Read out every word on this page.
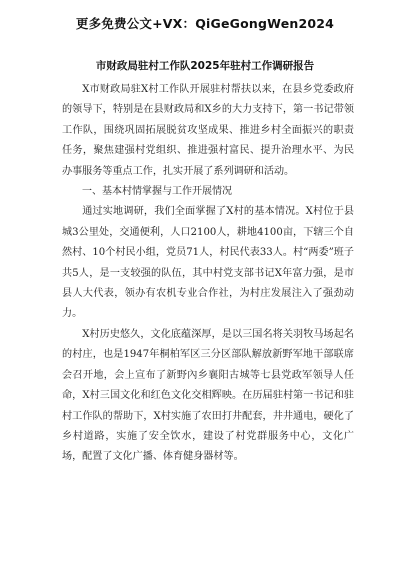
更多免费公文+VX：QiGeGongWen2024
市财政局驻村工作队2025年驻村工作调研报告

X市财政局驻X村工作队开展驻村帮扶以来，在县乡党委政府的领导下，特别是在县财政局和X乡的大力支持下，第一书记带领工作队，围绕巩固拓展脱贫攻坚成果、推进乡村全面振兴的职责任务，聚焦建强村党组织、推进强村富民、提升治理水平、为民办事服务等重点工作，扎实开展了系列调研和活动。

一、基本村情掌握与工作开展情况

通过实地调研，我们全面掌握了X村的基本情况。X村位于县城3公里处，交通便利，人口2100人，耕地4100亩，下辖三个自然村、10个村民小组，党员71人，村民代表33人。村“两委”班子共5人，是一支较强的队伍，其中村党支部书记X年富力强，是市县人大代表，领办有农机专业合作社，为村庄发展注入了强劲动力。

X村历史悠久，文化底蕴深厚，是以三国名将关羽牧马场起名的村庄，也是1947年桐柏军区三分区部队解放新野军地干部联席会召开地，会上宣布了新野內乡襄阳古城等七县党政军领导人任命，X村三国文化和红色文化交相辉映。在历届驻村第一书记和驻村工作队的帮助下，X村实施了农田打井配套，井井通电，硬化了乡村道路，实施了安全饮水，建设了村党群服务中心，文化广场，配置了文化广播、体育健身器材等。
